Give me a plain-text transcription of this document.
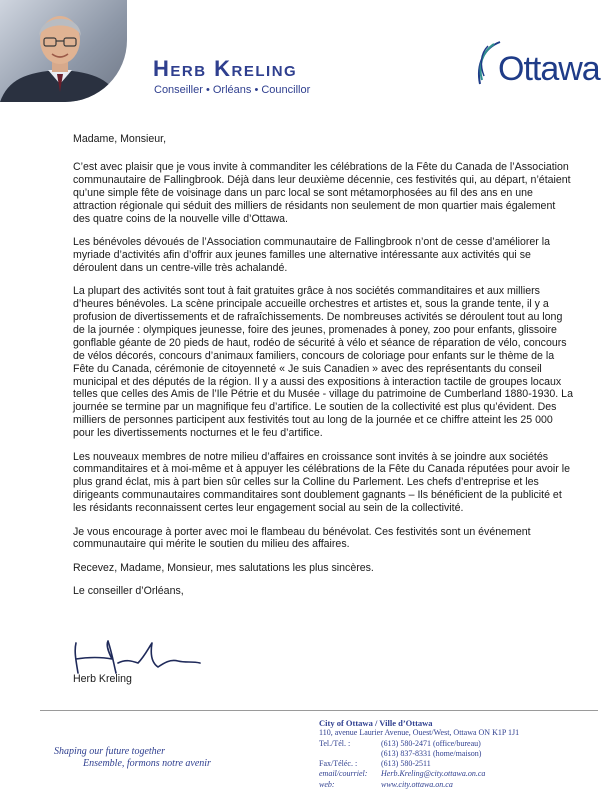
Herb Kreling
Conseiller • Orléans • Councillor
Ottawa

Madame, Monsieur,

C’est avec plaisir que je vous invite à commanditer les célébrations de la Fête du Canada de l’Association communautaire de Fallingbrook. Déjà dans leur deuxième décennie, ces festivités qui, au départ, n’étaient qu’une simple fête de voisinage dans un parc local se sont métamorphosées au fil des ans en une attraction régionale qui séduit des milliers de résidants non seulement de mon quartier mais également des quatre coins de la nouvelle ville d’Ottawa.

Les bénévoles dévoués de l’Association communautaire de Fallingbrook n’ont de cesse d’améliorer la myriade d’activités afin d’offrir aux jeunes familles une alternative intéressante aux activités qui se déroulent dans un centre-ville très achalandé.

La plupart des activités sont tout à fait gratuites grâce à nos sociétés commanditaires et aux milliers d’heures bénévoles. La scène principale accueille orchestres et artistes et, sous la grande tente, il y a profusion de divertissements et de rafraîchissements. De nombreuses activités se déroulent tout au long de la journée : olympiques jeunesse, foire des jeunes, promenades à poney, zoo pour enfants, glissoire gonflable géante de 20 pieds de haut, rodéo de sécurité à vélo et séance de réparation de vélo, concours de vélos décorés, concours d’animaux familiers, concours de coloriage pour enfants sur le thème de la Fête du Canada, cérémonie de citoyenneté « Je suis Canadien » avec des représentants du conseil municipal et des députés de la région. Il y a aussi des expositions à interaction tactile de groupes locaux telles que celles des Amis de l’Ile Pétrie et du Musée - village du patrimoine de Cumberland 1880-1930. La journée se termine par un magnifique feu d’artifice. Le soutien de la collectivité est plus qu’évident. Des milliers de personnes participent aux festivités tout au long de la journée et ce chiffre atteint les 25 000 pour les divertissements nocturnes et le feu d’artifice.

Les nouveaux membres de notre milieu d’affaires en croissance sont invités à se joindre aux sociétés commanditaires et à moi-même et à appuyer les célébrations de la Fête du Canada réputées pour avoir le plus grand éclat, mis à part bien sûr celles sur la Colline du Parlement. Les chefs d’entreprise et les dirigeants communautaires commanditaires sont doublement gagnants – Ils bénéficient de la publicité et les résidants reconnaissent certes leur engagement social au sein de la collectivité.

Je vous encourage à porter avec moi le flambeau du bénévolat. Ces festivités sont un événement communautaire qui mérite le soutien du milieu des affaires.

Recevez, Madame, Monsieur, mes salutations les plus sincères.

Le conseiller d’Orléans,

Herb Kreling
Shaping our future together
Ensemble, formons notre avenir
City of Ottawa / Ville d’Ottawa
110, avenue Laurier Avenue, Ouest/West, Ottawa ON K1P 1J1
Tel./Tél. :	(613) 580-2471 (office/bureau)
(613) 837-8331 (home/maison)
Fax/Téléc. :	(613) 580-2511
email/courriel:	Herb.Kreling@city.ottawa.on.ca
web:	www.city.ottawa.on.ca
